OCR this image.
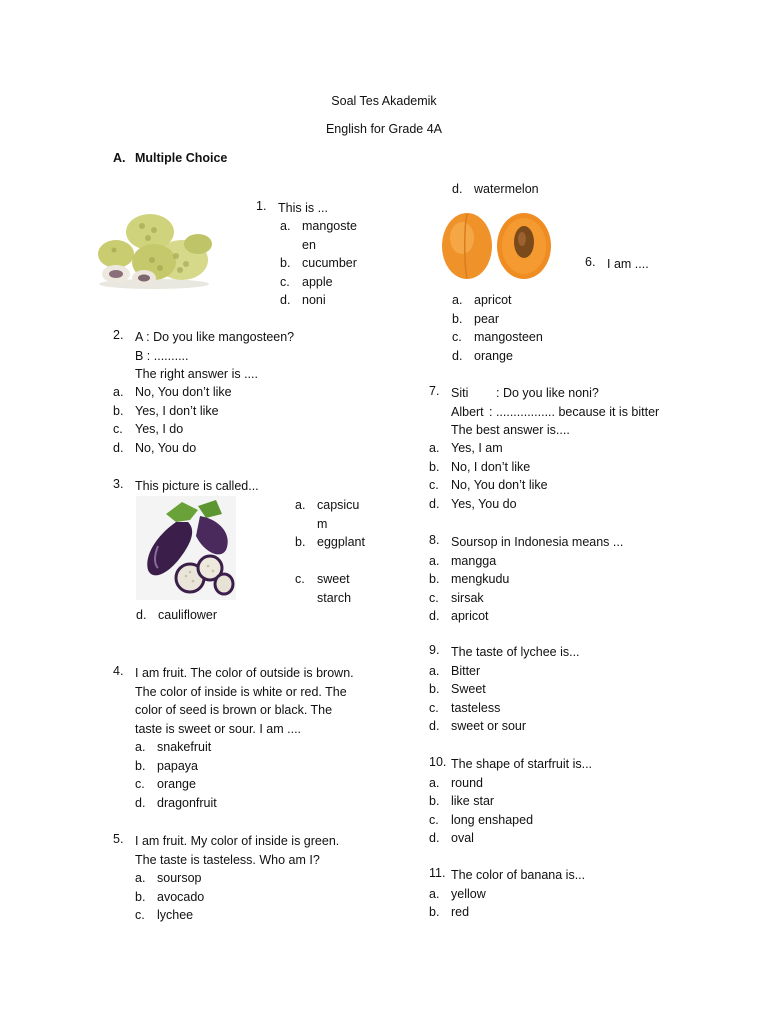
Soal Tes Akademik
English for Grade 4A
A. Multiple Choice
1. This is ...
a. mangosteen
b. cucumber
c. apple
d. noni
2. A : Do you like mangosteen?
B : ..........
The right answer is ....
a. No, You don’t like
b. Yes, I don’t like
c. Yes, I do
d. No, You do
3. This picture is called...
a. capsicum
b. eggplant
c. sweet starch
d. cauliflower
4. I am fruit. The color of outside is brown.
The color of inside is white or red. The
color of seed is brown or black. The
taste is sweet or sour. I am ....
a. snakefruit
b. papaya
c. orange
d. dragonfruit
5. I am fruit. My color of inside is green.
The taste is tasteless. Who am I?
a. soursop
b. avocado
c. lychee
d. watermelon
6. I am ....
a. apricot
b. pear
c. mangosteen
d. orange
7. Siti : Do you like noni?
Albert : ................. because it is bitter
The best answer is....
a. Yes, I am
b. No, I don’t like
c. No, You don’t like
d. Yes, You do
8. Soursop in Indonesia means ...
a. mangga
b. mengkudu
c. sirsak
d. apricot
9. The taste of lychee is...
a. Bitter
b. Sweet
c. tasteless
d. sweet or sour
10. The shape of starfruit is...
a. round
b. like star
c. long enshaped
d. oval
11. The color of banana is...
a. yellow
b. red
